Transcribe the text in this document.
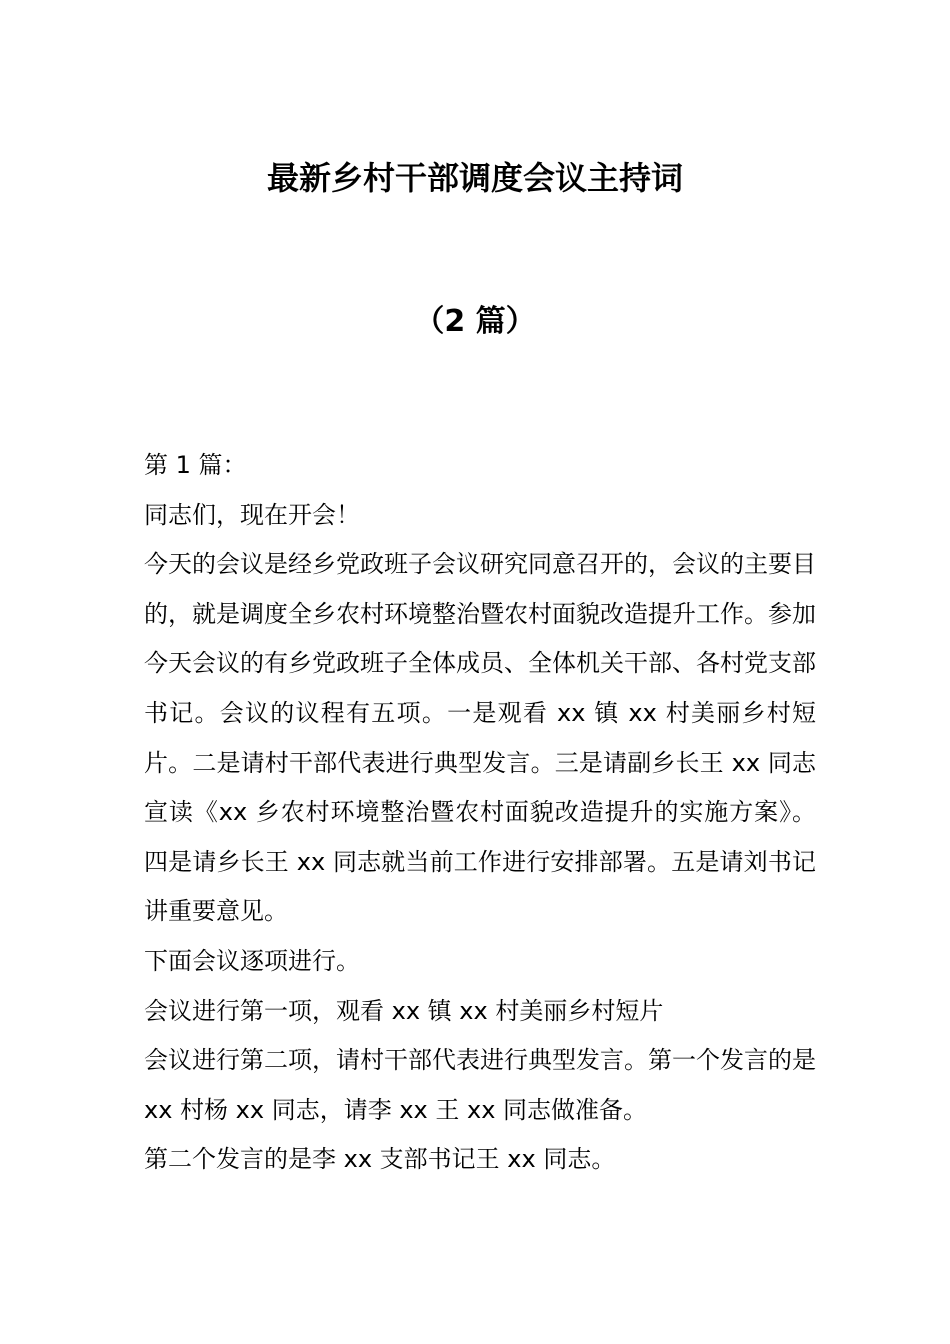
最新乡村干部调度会议主持词
（2 篇）

第 1 篇：

同志们，现在开会！

今天的会议是经乡党政班子会议研究同意召开的，会议的主要目的，就是调度全乡农村环境整治暨农村面貌改造提升工作。参加今天会议的有乡党政班子全体成员、全体机关干部、各村党支部书记。会议的议程有五项。一是观看 xx 镇 xx 村美丽乡村短片。二是请村干部代表进行典型发言。三是请副乡长王 xx 同志宣读《xx 乡农村环境整治暨农村面貌改造提升的实施方案》。四是请乡长王 xx 同志就当前工作进行安排部署。五是请刘书记讲重要意见。

下面会议逐项进行。

会议进行第一项，观看 xx 镇 xx 村美丽乡村短片

会议进行第二项，请村干部代表进行典型发言。第一个发言的是 xx 村杨 xx 同志，请李 xx 王 xx 同志做准备。

第二个发言的是李 xx 支部书记王 xx 同志。
